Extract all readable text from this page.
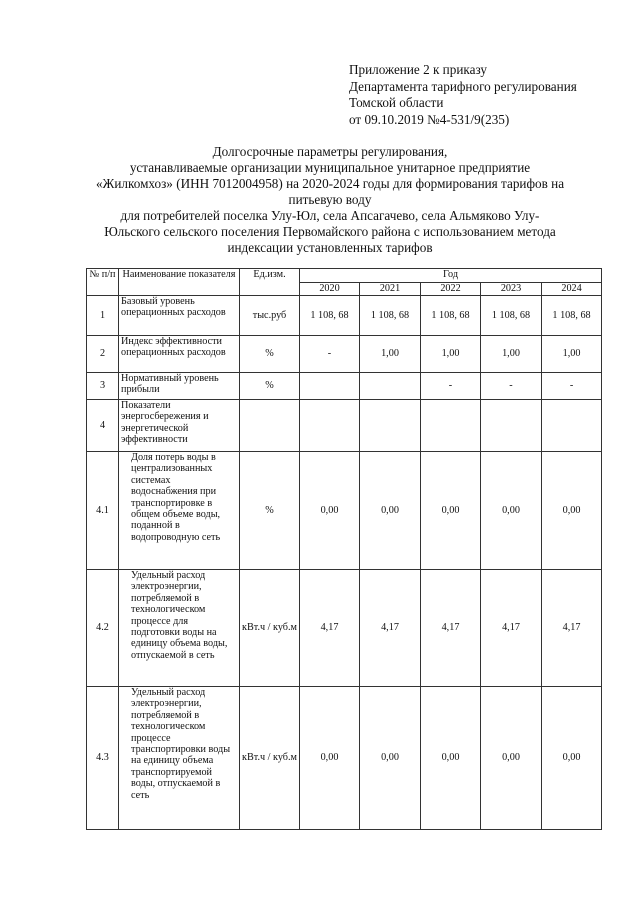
Приложение 2 к приказу
Департамента тарифного регулирования
Томской области
от 09.10.2019 №4-531/9(235)
Долгосрочные параметры регулирования,
устанавливаемые организации муниципальное унитарное предприятие
«Жилкомхоз» (ИНН 7012004958) на 2020-2024 годы для формирования тарифов на
питьевую воду
для потребителей поселка Улу-Юл, села Апсагачево, села Альмяково Улу-
Юльского сельского поселения Первомайского района с использованием метода
индексации установленных тарифов
№ п/п	Наименование показателя	Ед.изм.	Год				
			2020	2021	2022	2023	2024
1	Базовый уровень операционных расходов	тыс.руб	1 108, 68	1 108, 68	1 108, 68	1 108, 68	1 108, 68
2	Индекс эффективности операционных расходов	%	-	1,00	1,00	1,00	1,00
3	Нормативный уровень прибыли	%			-	-	-
4	Показатели энергосбережения и энергетической эффективности						
4.1	Доля потерь воды в централизованных системах водоснабжения при транспортировке в общем объеме воды, поданной в водопроводную сеть	%	0,00	0,00	0,00	0,00	0,00
4.2	Удельный расход электроэнергии, потребляемой в технологическом процессе для подготовки воды на единицу объема воды, отпускаемой в сеть	кВт.ч / куб.м	4,17	4,17	4,17	4,17	4,17
4.3	Удельный расход электроэнергии, потребляемой в технологическом процессе транспортировки воды на единицу объема транспортируемой воды, отпускаемой в сеть	кВт.ч / куб.м	0,00	0,00	0,00	0,00	0,00
